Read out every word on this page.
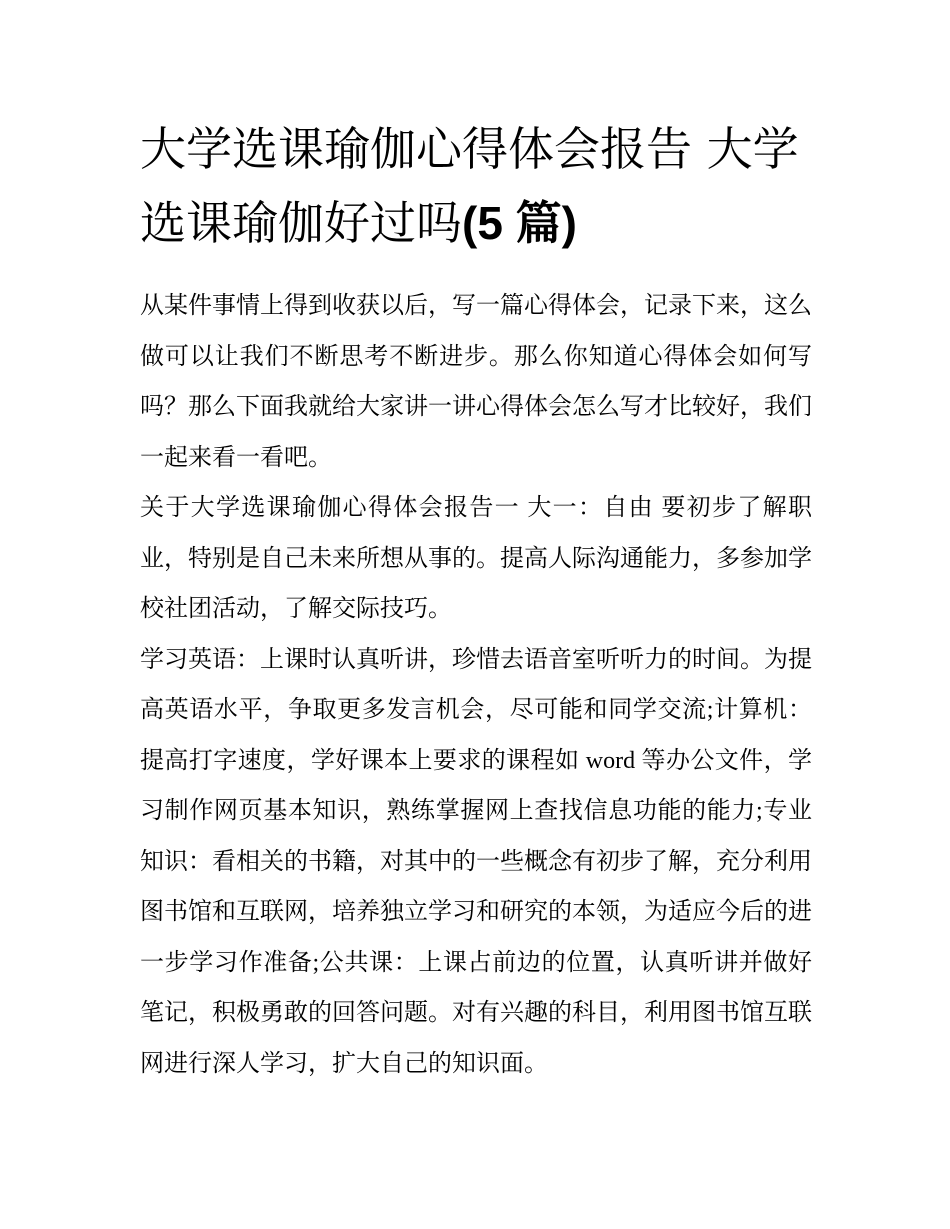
大学选课瑜伽心得体会报告 大学选课瑜伽好过吗(5 篇)

从某件事情上得到收获以后，写一篇心得体会，记录下来，这么做可以让我们不断思考不断进步。那么你知道心得体会如何写吗？那么下面我就给大家讲一讲心得体会怎么写才比较好，我们一起来看一看吧。

关于大学选课瑜伽心得体会报告一 大一：自由 要初步了解职业，特别是自己未来所想从事的。提高人际沟通能力，多参加学校社团活动，了解交际技巧。

学习英语：上课时认真听讲，珍惜去语音室听听力的时间。为提高英语水平，争取更多发言机会，尽可能和同学交流;计算机：提高打字速度，学好课本上要求的课程如 word 等办公文件，学习制作网页基本知识，熟练掌握网上查找信息功能的能力;专业知识：看相关的书籍，对其中的一些概念有初步了解，充分利用图书馆和互联网，培养独立学习和研究的本领，为适应今后的进一步学习作准备;公共课：上课占前边的位置，认真听讲并做好笔记，积极勇敢的回答问题。对有兴趣的科目，利用图书馆互联网进行深人学习，扩大自己的知识面。
